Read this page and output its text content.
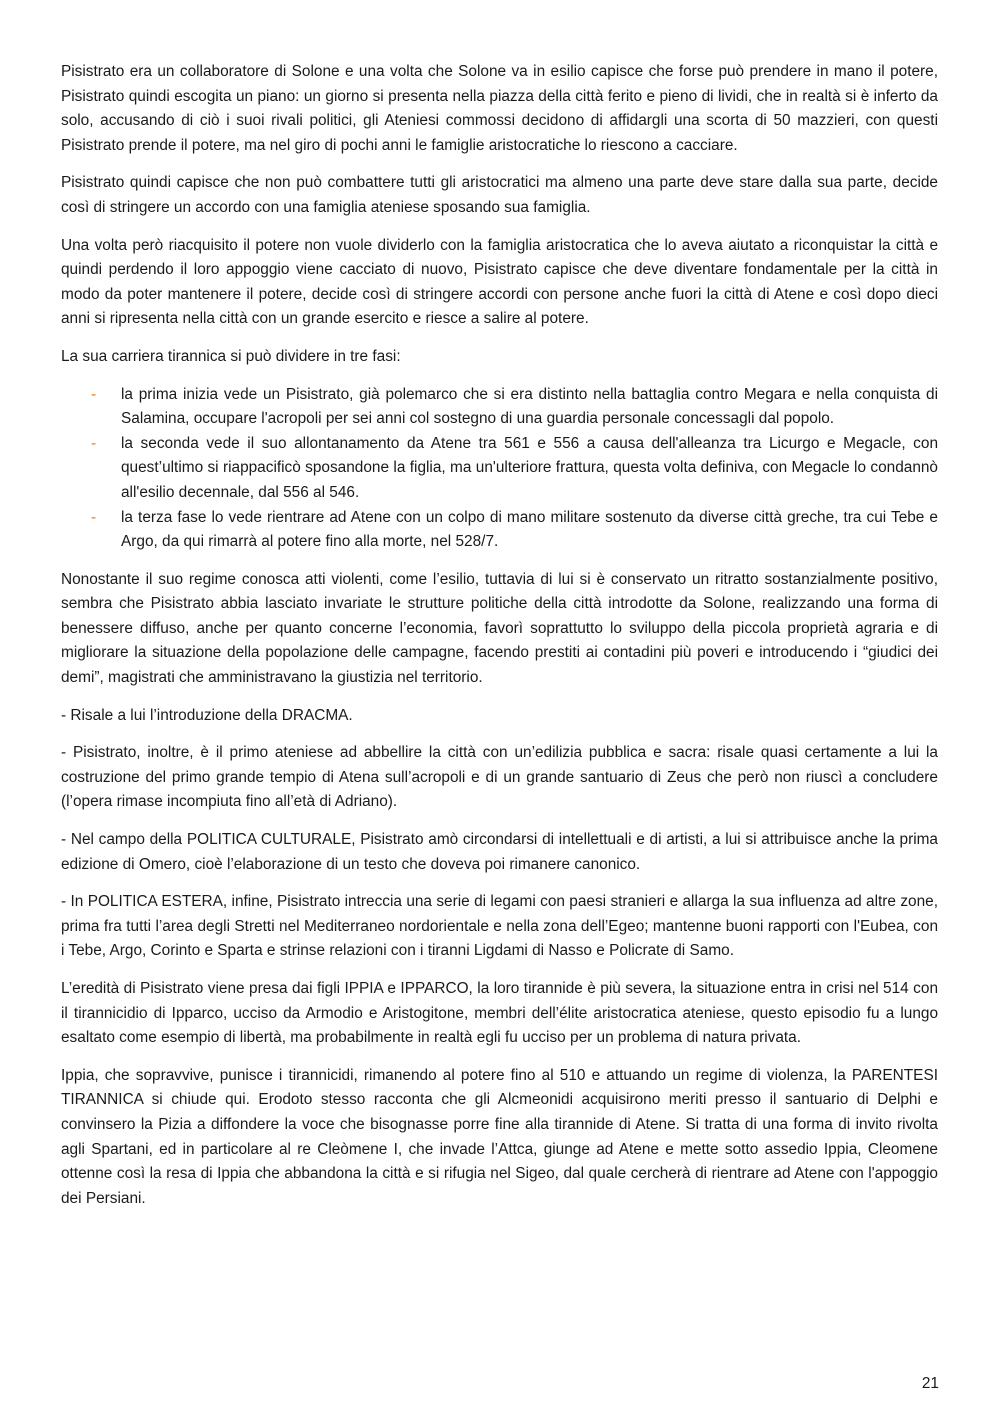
Pisistrato era un collaboratore di Solone e una volta che Solone va in esilio capisce che forse può prendere in mano il potere, Pisistrato quindi escogita un piano: un giorno si presenta nella piazza della città ferito e pieno di lividi, che in realtà si è inferto da solo, accusando di ciò i suoi rivali politici, gli Ateniesi commossi decidono di affidargli una scorta di 50 mazzieri, con questi Pisistrato prende il potere, ma nel giro di pochi anni le famiglie aristocratiche lo riescono a cacciare.

Pisistrato quindi capisce che non può combattere tutti gli aristocratici ma almeno una parte deve stare dalla sua parte, decide così di stringere un accordo con una famiglia ateniese sposando sua famiglia.

Una volta però riacquisito il potere non vuole dividerlo con la famiglia aristocratica che lo aveva aiutato a riconquistar la città e quindi perdendo il loro appoggio viene cacciato di nuovo, Pisistrato capisce che deve diventare fondamentale per la città in modo da poter mantenere il potere, decide così di stringere accordi con persone anche fuori la città di Atene e così dopo dieci anni si ripresenta nella città con un grande esercito e riesce a salire al potere.

La sua carriera tirannica si può dividere in tre fasi:

- la prima inizia vede un Pisistrato, già polemarco che si era distinto nella battaglia contro Megara e nella conquista di Salamina, occupare l'acropoli per sei anni col sostegno di una guardia personale concessagli dal popolo.
- la seconda vede il suo allontanamento da Atene tra 561 e 556 a causa dell'alleanza tra Licurgo e Megacle, con quest’ultimo si riappacificò sposandone la figlia, ma un'ulteriore frattura, questa volta definiva, con Megacle lo condannò all'esilio decennale, dal 556 al 546.
- la terza fase lo vede rientrare ad Atene con un colpo di mano militare sostenuto da diverse città greche, tra cui Tebe e Argo, da qui rimarrà al potere fino alla morte, nel 528/7.

Nonostante il suo regime conosca atti violenti, come l’esilio, tuttavia di lui si è conservato un ritratto sostanzialmente positivo, sembra che Pisistrato abbia lasciato invariate le strutture politiche della città introdotte da Solone, realizzando una forma di benessere diffuso, anche per quanto concerne l’economia, favorì soprattutto lo sviluppo della piccola proprietà agraria e di migliorare la situazione della popolazione delle campagne, facendo prestiti ai contadini più poveri e introducendo i “giudici dei demi”, magistrati che amministravano la giustizia nel territorio.

- Risale a lui l’introduzione della DRACMA.

- Pisistrato, inoltre, è il primo ateniese ad abbellire la città con un’edilizia pubblica e sacra: risale quasi certamente a lui la costruzione del primo grande tempio di Atena sull’acropoli e di un grande santuario di Zeus che però non riuscì a concludere (l’opera rimase incompiuta fino all’età di Adriano).

- Nel campo della POLITICA CULTURALE, Pisistrato amò circondarsi di intellettuali e di artisti, a lui si attribuisce anche la prima edizione di Omero, cioè l’elaborazione di un testo che doveva poi rimanere canonico.

- In POLITICA ESTERA, infine, Pisistrato intreccia una serie di legami con paesi stranieri e allarga la sua influenza ad altre zone, prima fra tutti l’area degli Stretti nel Mediterraneo nordorientale e nella zona dell’Egeo; mantenne buoni rapporti con l'Eubea, con i Tebe, Argo, Corinto e Sparta e strinse relazioni con i tiranni Ligdami di Nasso e Policrate di Samo.

L’eredità di Pisistrato viene presa dai figli IPPIA e IPPARCO, la loro tirannide è più severa, la situazione entra in crisi nel 514 con il tirannicidio di Ipparco, ucciso da Armodio e Aristogitone, membri dell’élite aristocratica ateniese, questo episodio fu a lungo esaltato come esempio di libertà, ma probabilmente in realtà egli fu ucciso per un problema di natura privata.

Ippia, che sopravvive, punisce i tirannicidi, rimanendo al potere fino al 510 e attuando un regime di violenza, la PARENTESI TIRANNICA si chiude qui. Erodoto stesso racconta che gli Alcmeonidi acquisirono meriti presso il santuario di Delphi e convinsero la Pizia a diffondere la voce che bisognasse porre fine alla tirannide di Atene. Si tratta di una forma di invito rivolta agli Spartani, ed in particolare al re Cleòmene I, che invade l’Attca, giunge ad Atene e mette sotto assedio Ippia, Cleomene ottenne così la resa di Ippia che abbandona la città e si rifugia nel Sigeo, dal quale cercherà di rientrare ad Atene con l'appoggio dei Persiani.

21
